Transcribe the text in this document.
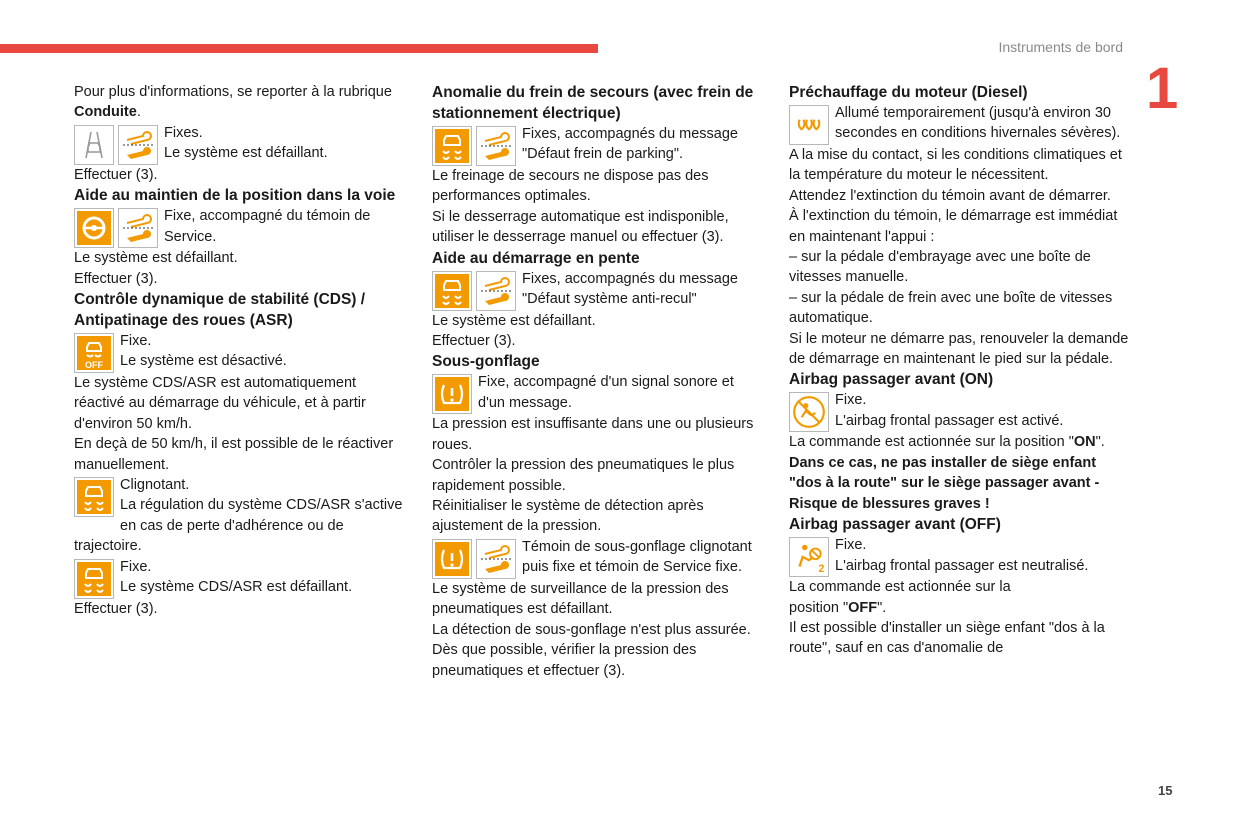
Instruments de bord
1
15

Pour plus d'informations, se reporter à la rubrique Conduite.

Fixes.

Le système est défaillant.

Effectuer (3).

Aide au maintien de la position dans la voie

Fixe, accompagné du témoin de Service.

Le système est défaillant.

Effectuer (3).

Contrôle dynamique de stabilité (CDS) / Antipatinage des roues (ASR)

OFF

Fixe.

Le système est désactivé.

Le système CDS/ASR est automatiquement réactivé au démarrage du véhicule, et à partir d'environ 50 km/h.

En deçà de 50 km/h, il est possible de le réactiver manuellement.

Clignotant.

La régulation du système CDS/ASR s'active en cas de perte d'adhérence ou de trajectoire.

Fixe.

Le système CDS/ASR est défaillant.

Effectuer (3).

Anomalie du frein de secours (avec frein de stationnement électrique)

Fixes, accompagnés du message "Défaut frein de parking".

Le freinage de secours ne dispose pas des performances optimales.

Si le desserrage automatique est indisponible, utiliser le desserrage manuel ou effectuer (3).

Aide au démarrage en pente

Fixes, accompagnés du message "Défaut système anti-recul"

Le système est défaillant.

Effectuer (3).

Sous-gonflage

Fixe, accompagné d'un signal sonore et d'un message.

La pression est insuffisante dans une ou plusieurs roues.

Contrôler la pression des pneumatiques le plus rapidement possible.

Réinitialiser le système de détection après ajustement de la pression.

Témoin de sous-gonflage clignotant puis fixe et témoin de Service fixe.

Le système de surveillance de la pression des pneumatiques est défaillant.

La détection de sous-gonflage n'est plus assurée.

Dès que possible, vérifier la pression des pneumatiques et effectuer (3).

Préchauffage du moteur (Diesel)

Allumé temporairement (jusqu'à environ 30 secondes en conditions hivernales sévères).

A la mise du contact, si les conditions climatiques et la température du moteur le nécessitent.

Attendez l'extinction du témoin avant de démarrer.

À l'extinction du témoin, le démarrage est immédiat en maintenant l'appui :

– sur la pédale d'embrayage avec une boîte de vitesses manuelle.

– sur la pédale de frein avec une boîte de vitesses automatique.

Si le moteur ne démarre pas, renouveler la demande de démarrage en maintenant le pied sur la pédale.

Airbag passager avant (ON)

Fixe.

L'airbag frontal passager est activé.

La commande est actionnée sur la position "ON".

Dans ce cas, ne pas installer de siège enfant "dos à la route" sur le siège passager avant - Risque de blessures graves !

Airbag passager avant (OFF)

2

Fixe.

L'airbag frontal passager est neutralisé.

La commande est actionnée sur la

position "OFF".

Il est possible d'installer un siège enfant "dos à la route", sauf en cas d'anomalie de
